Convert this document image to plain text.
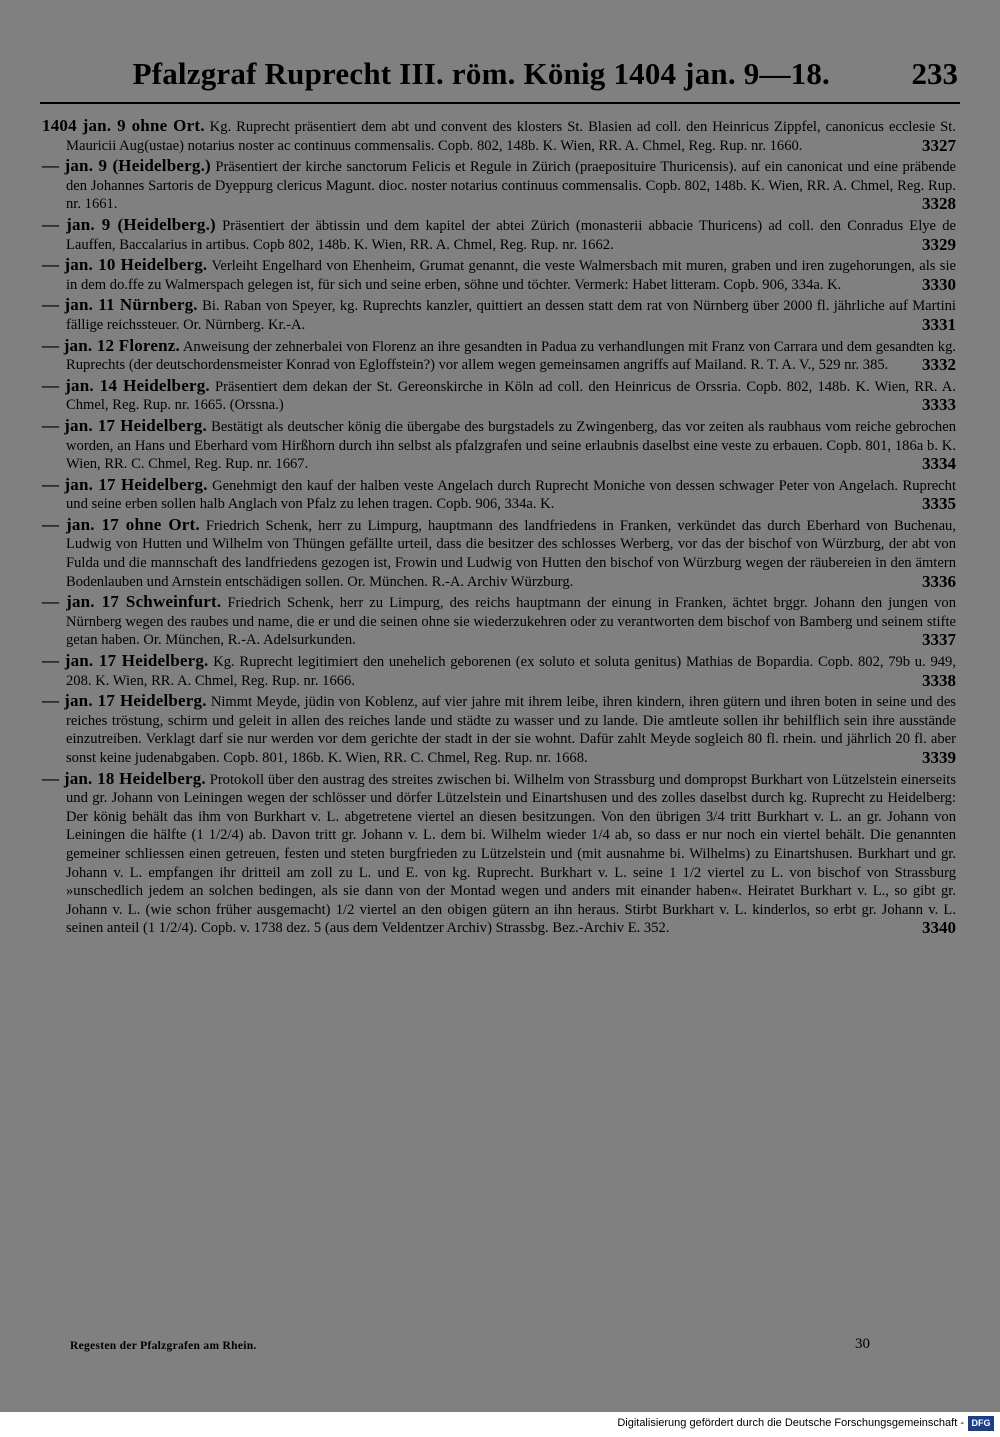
Pfalzgraf Ruprecht III. röm. König 1404 jan. 9—18.	233

1404 jan. 9 ohne Ort. Kg. Ruprecht präsentiert dem abt und convent des klosters St. Blasien ad coll. den Heinricus Zippfel, canonicus ecclesie St. Mauricii Aug(ustae) notarius noster ac continuus commensalis. Copb. 802, 148b. K. Wien, RR. A. Chmel, Reg. Rup. nr. 1660.	3327

— jan. 9 (Heidelberg.) Präsentiert der kirche sanctorum Felicis et Regule in Zürich (praeposituire Thuricensis). auf ein canonicat und eine präbende den Johannes Sartoris de Dyeppurg clericus Magunt. dioc. noster notarius continuus commensalis. Copb. 802, 148b. K. Wien, RR. A. Chmel, Reg. Rup. nr. 1661.	3328

— jan. 9 (Heidelberg.) Präsentiert der äbtissin und dem kapitel der abtei Zürich (monasterii abbacie Thuricens) ad coll. den Conradus Elye de Lauffen, Baccalarius in artibus. Copb 802, 148b. K. Wien, RR. A. Chmel, Reg. Rup. nr. 1662.	3329

— jan. 10 Heidelberg. Verleiht Engelhard von Ehenheim, Grumat genannt, die veste Walmersbach mit muren, graben und iren zugehorungen, als sie in dem do.ffe zu Walmerspach gelegen ist, für sich und seine erben, söhne und töchter. Vermerk: Habet litteram. Copb. 906, 334a. K.	3330

— jan. 11 Nürnberg. Bi. Raban von Speyer, kg. Ruprechts kanzler, quittiert an dessen statt dem rat von Nürnberg über 2000 fl. jährliche auf Martini fällige reichssteuer. Or. Nürnberg. Kr.-A.	3331

— jan. 12 Florenz. Anweisung der zehnerbalei von Florenz an ihre gesandten in Padua zu verhandlungen mit Franz von Carrara und dem gesandten kg. Ruprechts (der deutschordensmeister Konrad von Egloffstein?) vor allem wegen gemeinsamen angriffs auf Mailand. R. T. A. V., 529 nr. 385. 3332

— jan. 14 Heidelberg. Präsentiert dem dekan der St. Gereonskirche in Köln ad coll. den Heinricus de Orssria. Copb. 802, 148b. K. Wien, RR. A. Chmel, Reg. Rup. nr. 1665. (Orssna.)	3333

— jan. 17 Heidelberg. Bestätigt als deutscher könig die übergabe des burgstadels zu Zwingenberg, das vor zeiten als raubhaus vom reiche gebrochen worden, an Hans und Eberhard vom Hirßhorn durch ihn selbst als pfalzgrafen und seine erlaubnis daselbst eine veste zu erbauen. Copb. 801, 186a b. K. Wien, RR. C. Chmel, Reg. Rup. nr. 1667.	3334

— jan. 17 Heidelberg. Genehmigt den kauf der halben veste Angelach durch Ruprecht Moniche von dessen schwager Peter von Angelach. Ruprecht und seine erben sollen halb Anglach von Pfalz zu lehen tragen. Copb. 906, 334a. K.	3335

— jan. 17 ohne Ort. Friedrich Schenk, herr zu Limpurg, hauptmann des landfriedens in Franken, verkündet das durch Eberhard von Buchenau, Ludwig von Hutten und Wilhelm von Thüngen gefällte urteil, dass die besitzer des schlosses Werberg, vor das der bischof von Würzburg, der abt von Fulda und die mannschaft des landfriedens gezogen ist, Frowin und Ludwig von Hutten den bischof von Würzburg wegen der räubereien in den ämtern Bodenlauben und Arnstein entschädigen sollen. Or. München. R.-A. Archiv Würzburg.	3336

— jan. 17 Schweinfurt. Friedrich Schenk, herr zu Limpurg, des reichs hauptmann der einung in Franken, ächtet brggr. Johann den jungen von Nürnberg wegen des raubes und name, die er und die seinen ohne sie wiederzukehren oder zu verantworten dem bischof von Bamberg und seinem stifte getan haben. Or. München, R.-A. Adelsurkunden.	3337

— jan. 17 Heidelberg. Kg. Ruprecht legitimiert den unehelich geborenen (ex soluto et soluta genitus) Mathias de Bopardia. Copb. 802, 79b u. 949, 208. K. Wien, RR. A. Chmel, Reg. Rup. nr. 1666.	3338

— jan. 17 Heidelberg. Nimmt Meyde, jüdin von Koblenz, auf vier jahre mit ihrem leibe, ihren kindern, ihren gütern und ihren boten in seine und des reiches tröstung, schirm und geleit in allen des reiches lande und städte zu wasser und zu lande. Die amtleute sollen ihr behilflich sein ihre ausstände einzutreiben. Verklagt darf sie nur werden vor dem gerichte der stadt in der sie wohnt. Dafür zahlt Meyde sogleich 80 fl. rhein. und jährlich 20 fl. aber sonst keine judenabgaben. Copb. 801, 186b. K. Wien, RR. C. Chmel, Reg. Rup. nr. 1668.	3339

— jan. 18 Heidelberg. Protokoll über den austrag des streites zwischen bi. Wilhelm von Strassburg und dompropst Burkhart von Lützelstein einerseits und gr. Johann von Leiningen wegen der schlösser und dörfer Lützelstein und Einartshusen und des zolles daselbst durch kg. Ruprecht zu Heidelberg: Der könig behält das ihm von Burkhart v. L. abgetretene viertel an diesen besitzungen. Von den übrigen 3/4 tritt Burkhart v. L. an gr. Johann von Leiningen die hälfte (1 1/2/4) ab. Davon tritt gr. Johann v. L. dem bi. Wilhelm wieder 1/4 ab, so dass er nur noch ein viertel behält. Die genannten gemeiner schliessen einen getreuen, festen und steten burgfrieden zu Lützelstein und (mit ausnahme bi. Wilhelms) zu Einartshusen. Burkhart und gr. Johann v. L. empfangen ihr dritteil am zoll zu L. und E. von kg. Ruprecht. Burkhart v. L. seine 1 1/2 viertel zu L. von bischof von Strassburg »unschedlich jedem an solchen bedingen, als sie dann von der Montad wegen und anders mit einander haben«. Heiratet Burkhart v. L., so gibt gr. Johann v. L. (wie schon früher ausgemacht) 1/2 viertel an den obigen gütern an ihn heraus. Stirbt Burkhart v. L. kinderlos, so erbt gr. Johann v. L. seinen anteil (1 1/2/4). Copb. v. 1738 dez. 5 (aus dem Veldentzer Archiv) Strassbg. Bez.-Archiv E. 352.	3340

Regesten der Pfalzgrafen am Rhein.	30
Digitalisierung gefördert durch die Deutsche Forschungsgemeinschaft - DFG
